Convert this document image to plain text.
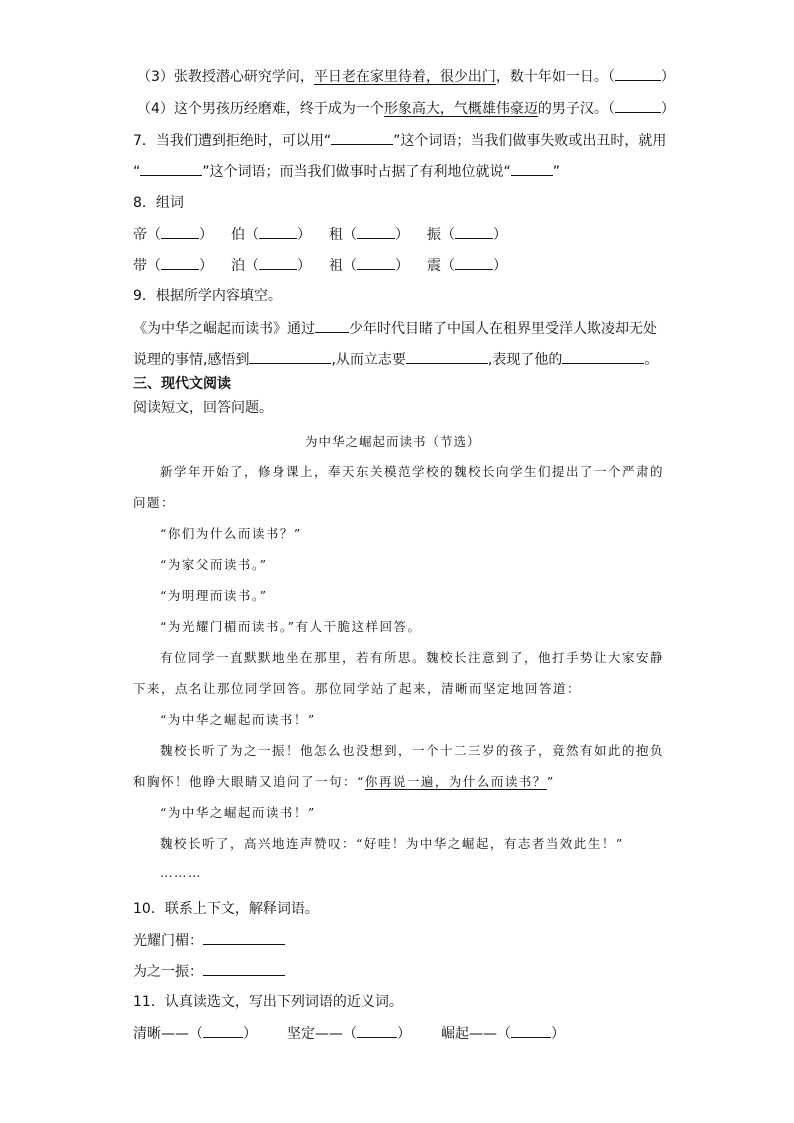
（3）张教授潜心研究学问，平日老在家里待着，很少出门，数十年如一日。（	）
（4）这个男孩历经磨难，终于成为一个形象高大，气概雄伟豪迈的男子汉。（	）
7．当我们遭到拒绝时，可以用“	”这个词语；当我们做事失败或出丑时，就用
“	”这个词语；而当我们做事时占据了有利地位就说“	”
8．组词
帝（	） 伯（	） 租（	） 振（	）
带（	） 泊（	） 祖（	） 震（	）
9．根据所学内容填空。
《为中华之崛起而读书》通过 少年时代目睹了中国人在租界里受洋人欺凌却无处
说理的事情,感悟到	,从而立志要	,表现了他的	。
三、现代文阅读
阅读短文，回答问题。
为中华之崛起而读书（节选）
新学年开始了，修身课上，奉天东关模范学校的魏校长向学生们提出了一个严肃的
问题：
“你们为什么而读书？”
“为家父而读书。”
“为明理而读书。”
“为光耀门楣而读书。”有人干脆这样回答。
有位同学一直默默地坐在那里，若有所思。魏校长注意到了，他打手势让大家安静
下来，点名让那位同学回答。那位同学站了起来，清晰而坚定地回答道：
“为中华之崛起而读书！”
魏校长听了为之一振！他怎么也没想到，一个十二三岁的孩子，竟然有如此的抱负
和胸怀！他睁大眼睛又追问了一句：“你再说一遍，为什么而读书？”
“为中华之崛起而读书！”
魏校长听了，高兴地连声赞叹：“好哇！为中华之崛起，有志者当效此生！”
………
10．联系上下文，解释词语。
光耀门楣：
为之一振：
11．认真读选文，写出下列词语的近义词。
清晰——（	） 坚定——（	） 崛起——（	）
